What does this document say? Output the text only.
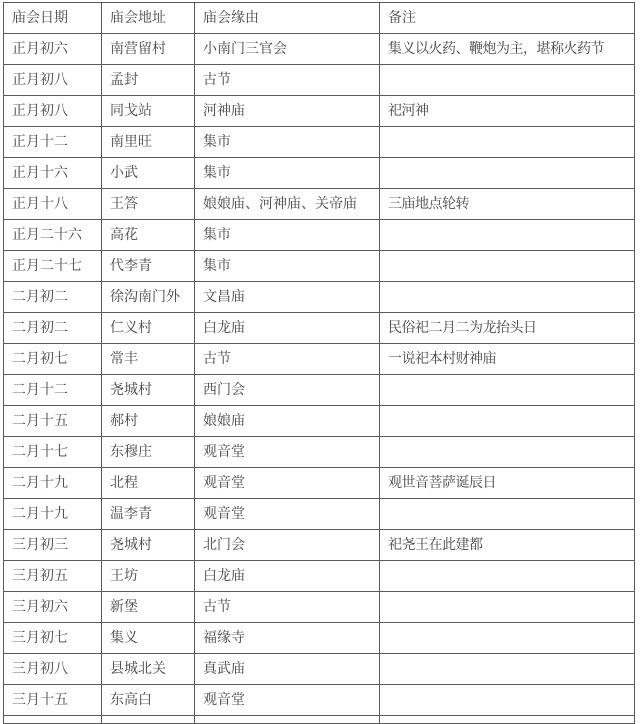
庙会日期	庙会地址	庙会缘由	备注
正月初六	南营留村	小南门三官会	集义以火药、鞭炮为主，堪称火药节
正月初八	孟封	古节	
正月初八	同戈站	河神庙	祀河神
正月十二	南里旺	集市	
正月十六	小武	集市	
正月十八	王答	娘娘庙、河神庙、关帝庙	三庙地点轮转
正月二十六	高花	集市	
正月二十七	代李青	集市	
二月初二	徐沟南门外	文昌庙	
二月初二	仁义村	白龙庙	民俗祀二月二为龙抬头日
二月初七	常丰	古节	一说祀本村财神庙
二月十二	尧城村	西门会	
二月十五	郝村	娘娘庙	
二月十七	东穆庄	观音堂	
二月十九	北程	观音堂	观世音菩萨诞辰日
二月十九	温李青	观音堂	
三月初三	尧城村	北门会	祀尧王在此建都
三月初五	王坊	白龙庙	
三月初六	新堡	古节	
三月初七	集义	福缘寺	
三月初八	县城北关	真武庙	
三月十五	东高白	观音堂	
